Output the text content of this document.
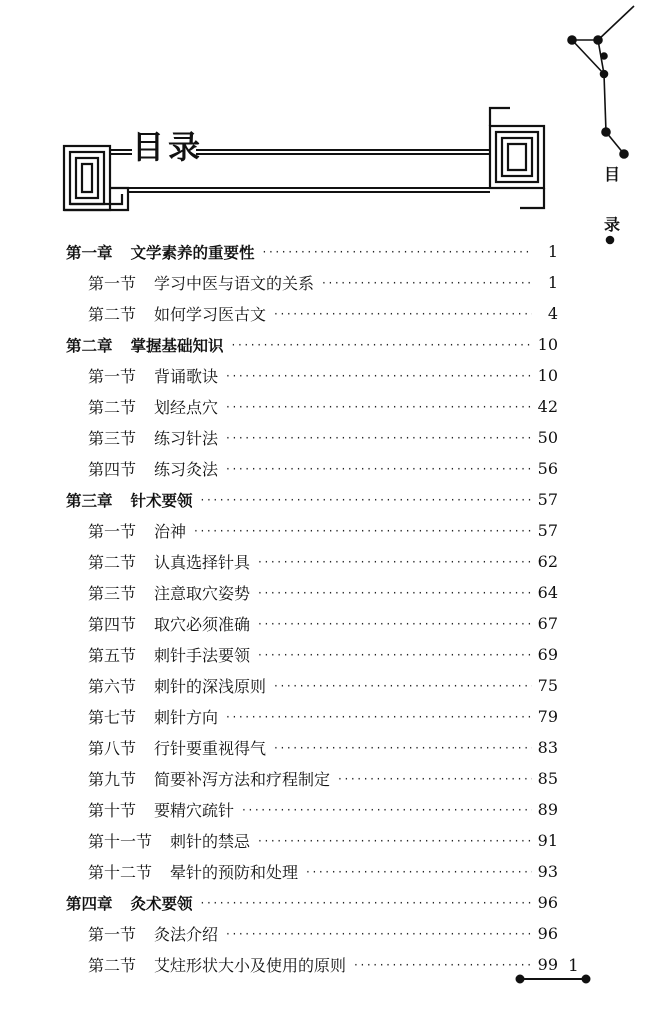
目录
目
录
第一章 文学素养的重要性 ·····	1
第一节 学习中医与语文的关系 ·····	1
第二节 如何学习医古文 ·····	4
第二章 掌握基础知识 ·····	10
第一节 背诵歌诀 ·····	10
第二节 划经点穴 ·····	42
第三节 练习针法 ·····	50
第四节 练习灸法 ·····	56
第三章 针术要领 ·····	57
第一节 治神 ·····	57
第二节 认真选择针具 ·····	62
第三节 注意取穴姿势 ·····	64
第四节 取穴必须准确 ·····	67
第五节 刺针手法要领 ·····	69
第六节 刺针的深浅原则 ·····	75
第七节 刺针方向 ·····	79
第八节 行针要重视得气 ·····	83
第九节 简要补泻方法和疗程制定 ·····	85
第十节 要精穴疏针 ·····	89
第十一节 刺针的禁忌 ·····	91
第十二节 晕针的预防和处理 ·····	93
第四章 灸术要领 ·····	96
第一节 灸法介绍 ·····	96
第二节 艾炷形状大小及使用的原则 ·····	99 1
